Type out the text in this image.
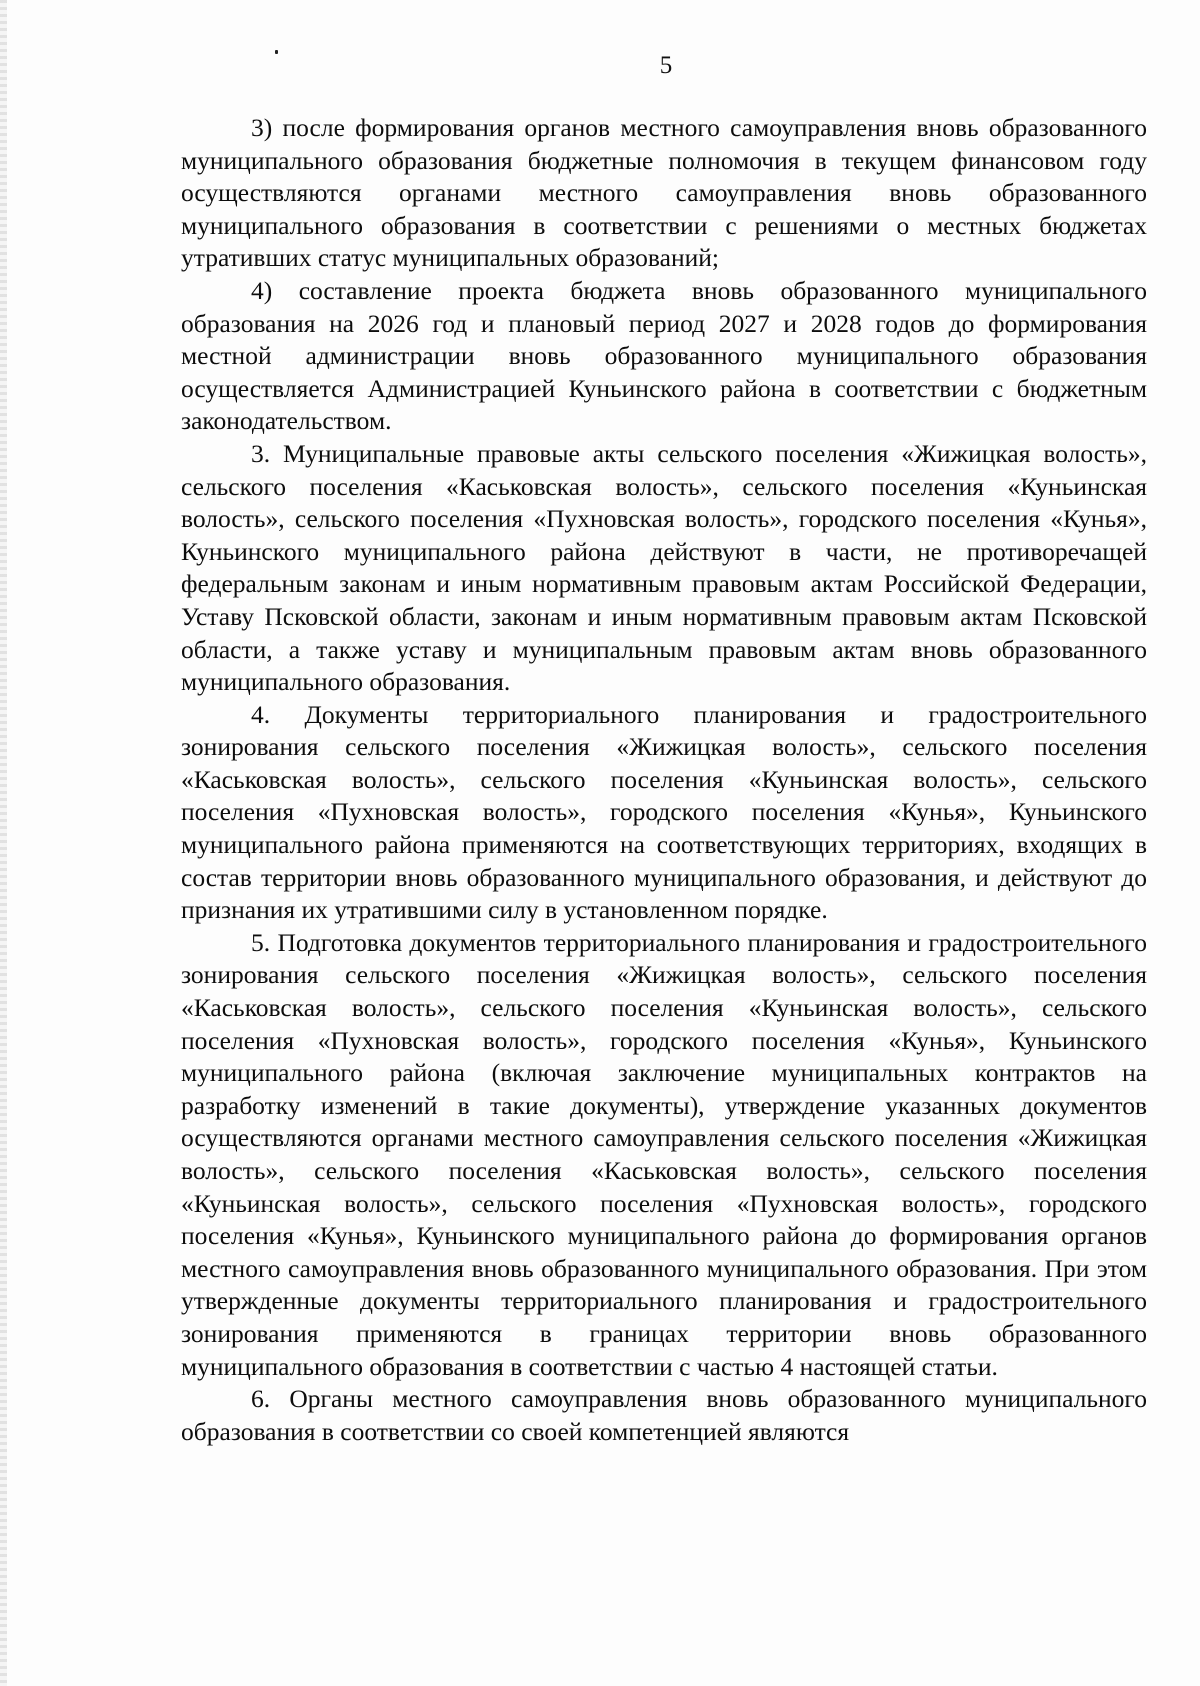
5

3) после формирования органов местного самоуправления вновь образованного муниципального образования бюджетные полномочия в текущем финансовом году осуществляются органами местного самоуправления вновь образованного муниципального образования в соответствии с решениями о местных бюджетах утративших статус муниципальных образований;

4) составление проекта бюджета вновь образованного муниципального образования на 2026 год и плановый период 2027 и 2028 годов до формирования местной администрации вновь образованного муниципального образования осуществляется Администрацией Куньинского района в соответствии с бюджетным законодательством.

3. Муниципальные правовые акты сельского поселения «Жижицкая волость», сельского поселения «Каськовская волость», сельского поселения «Куньинская волость», сельского поселения «Пухновская волость», городского поселения «Кунья», Куньинского муниципального района действуют в части, не противоречащей федеральным законам и иным нормативным правовым актам Российской Федерации, Уставу Псковской области, законам и иным нормативным правовым актам Псковской области, а также уставу и муниципальным правовым актам вновь образованного муниципального образования.

4. Документы территориального планирования и градостроительного зонирования сельского поселения «Жижицкая волость», сельского поселения «Каськовская волость», сельского поселения «Куньинская волость», сельского поселения «Пухновская волость», городского поселения «Кунья», Куньинского муниципального района применяются на соответствующих территориях, входящих в состав территории вновь образованного муниципального образования, и действуют до признания их утратившими силу в установленном порядке.

5. Подготовка документов территориального планирования и градостроительного зонирования сельского поселения «Жижицкая волость», сельского поселения «Каськовская волость», сельского поселения «Куньинская волость», сельского поселения «Пухновская волость», городского поселения «Кунья», Куньинского муниципального района (включая заключение муниципальных контрактов на разработку изменений в такие документы), утверждение указанных документов осуществляются органами местного самоуправления сельского поселения «Жижицкая волость», сельского поселения «Каськовская волость», сельского поселения «Куньинская волость», сельского поселения «Пухновская волость», городского поселения «Кунья», Куньинского муниципального района до формирования органов местного самоуправления вновь образованного муниципального образования. При этом утвержденные документы территориального планирования и градостроительного зонирования применяются в границах территории вновь образованного муниципального образования в соответствии с частью 4 настоящей статьи.

6. Органы местного самоуправления вновь образованного муниципального образования в соответствии со своей компетенцией являются
